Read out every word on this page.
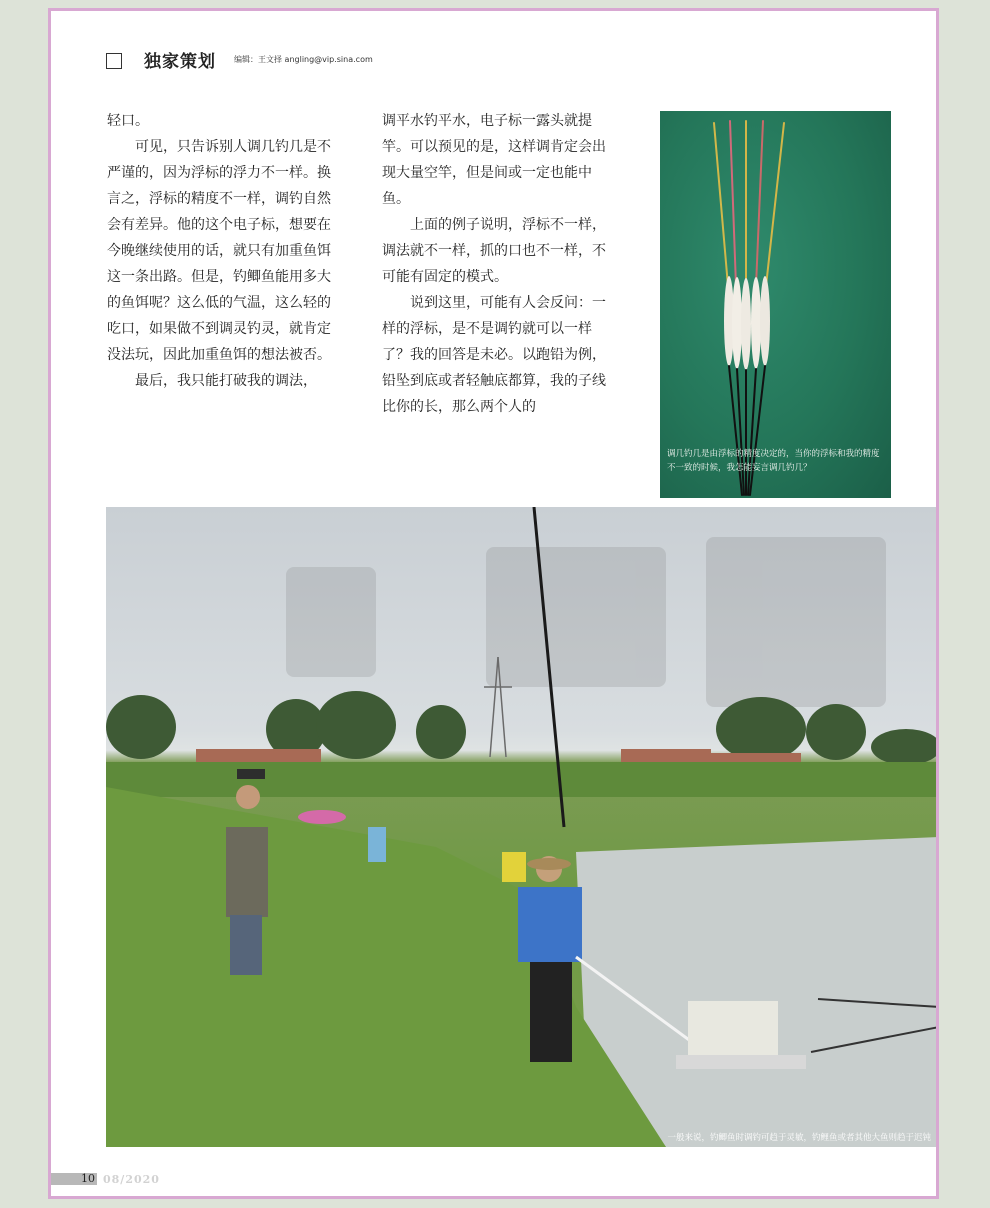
独家策划 编辑：王文择 angling@vip.sina.com

轻口。

可见，只告诉别人调几钓几是不严谨的，因为浮标的浮力不一样。换言之，浮标的精度不一样，调钓自然会有差异。他的这个电子标，想要在今晚继续使用的话，就只有加重鱼饵这一条出路。但是，钓鲫鱼能用多大的鱼饵呢？这么低的气温，这么轻的吃口，如果做不到调灵钓灵，就肯定没法玩，因此加重鱼饵的想法被否。

最后，我只能打破我的调法，

调平水钓平水，电子标一露头就提竿。可以预见的是，这样调肯定会出现大量空竿，但是间或一定也能中鱼。

上面的例子说明，浮标不一样，调法就不一样，抓的口也不一样，不可能有固定的模式。

说到这里，可能有人会反问：一样的浮标，是不是调钓就可以一样了？我的回答是未必。以跑铅为例，铅坠到底或者轻触底都算，我的子线比你的长，那么两个人的

调几钓几是由浮标的精度决定的，当你的浮标和我的精度不一致的时候，我怎能妄言调几钓几？
一般来说，钓鲫鱼时调钓可趋于灵敏，钓鲤鱼或者其他大鱼则趋于迟钝
10 08/2020
